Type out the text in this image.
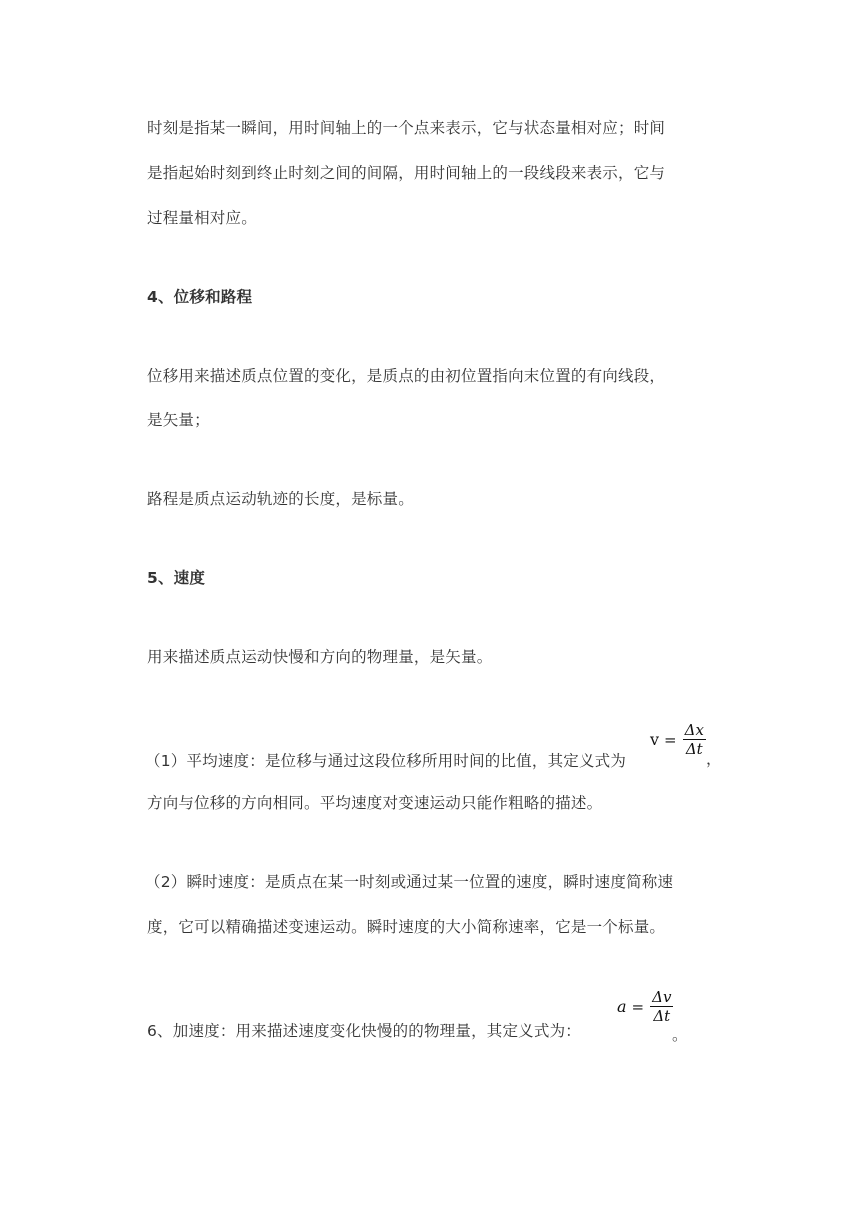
时刻是指某一瞬间，用时间轴上的一个点来表示，它与状态量相对应；时间
是指起始时刻到终止时刻之间的间隔，用时间轴上的一段线段来表示，它与
过程量相对应。
4、位移和路程
位移用来描述质点位置的变化，是质点的由初位置指向末位置的有向线段，
是矢量；
路程是质点运动轨迹的长度，是标量。
5、速度
用来描述质点运动快慢和方向的物理量，是矢量。
（1）平均速度：是位移与通过这段位移所用时间的比值，其定义式为
$v = \frac{\Delta x}{\Delta t}$
，
方向与位移的方向相同。平均速度对变速运动只能作粗略的描述。
（2）瞬时速度：是质点在某一时刻或通过某一位置的速度，瞬时速度简称速
度，它可以精确描述变速运动。瞬时速度的大小简称速率，它是一个标量。
6、加速度：用来描述速度变化快慢的的物理量，其定义式为：
$a = \frac{\Delta v}{\Delta t}$
。
